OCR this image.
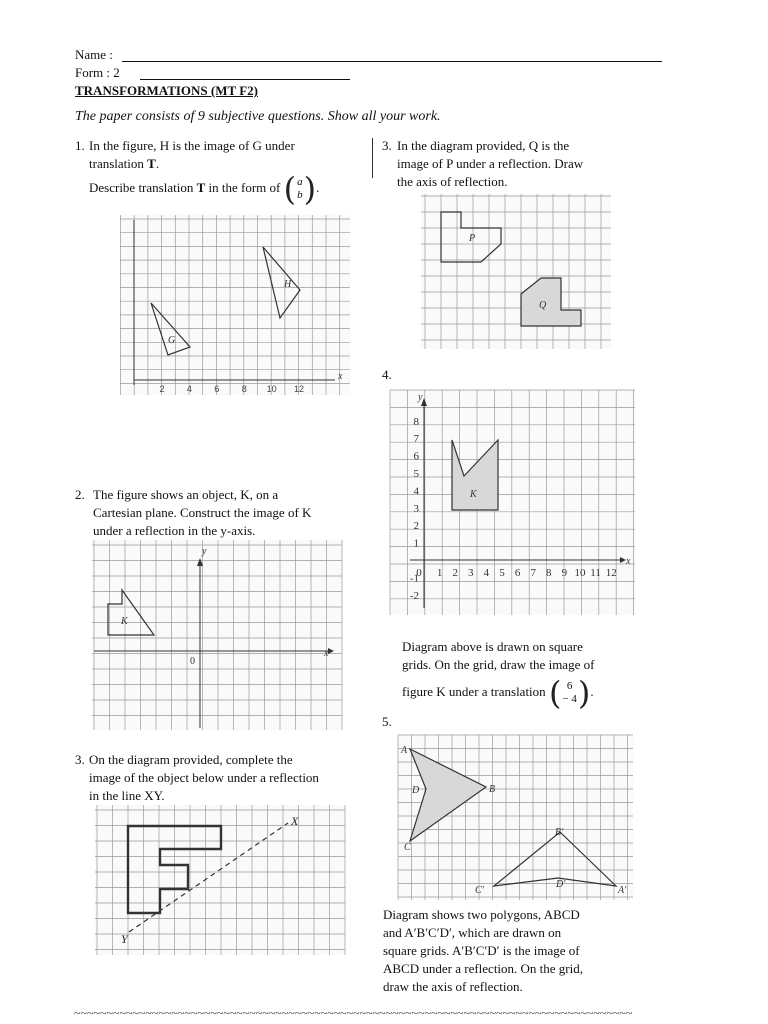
Name :
Form : 2
TRANSFORMATIONS (MT F2)
The paper consists of 9 subjective questions. Show all your work.
1. In the figure, H is the image of G under
translation T.
Describe translation T in the form of ( a
b ) .
H
G
x
2 4 6 8 10 12
2. The figure shows an object, K, on a
Cartesian plane. Construct the image of K
under a reflection in the y-axis.
K
y
x
0
3. On the diagram provided, complete the
image of the object below under a reflection
in the line XY.
X
Y
3. In the diagram provided, Q is the
image of P under a reflection. Draw
the axis of reflection.
P
Q
4.
K
y
x
8
7
6
5
4
3
2
1
-1
-2
0 1 2 3 4 5 6 7 8 9 10 11 12
Diagram above is drawn on square
grids. On the grid, draw the image of
figure K under a translation ( 6
− 4 ) .
5.
A
B
C
D
B′
C′
D′
A′
Diagram shows two polygons, ABCD
and A′B′C′D′, which are drawn on
square grids. A′B′C′D′ is the image of
ABCD under a reflection. On the grid,
draw the axis of reflection.
~~~~~~~~~~~~~~~~~~~~~~~~~~~~~~~~~~~~~~~~~~~~~~~~~~~~~~~~~~~~~~~~~~~~~~~~~~~~~~~~~~~~~~
